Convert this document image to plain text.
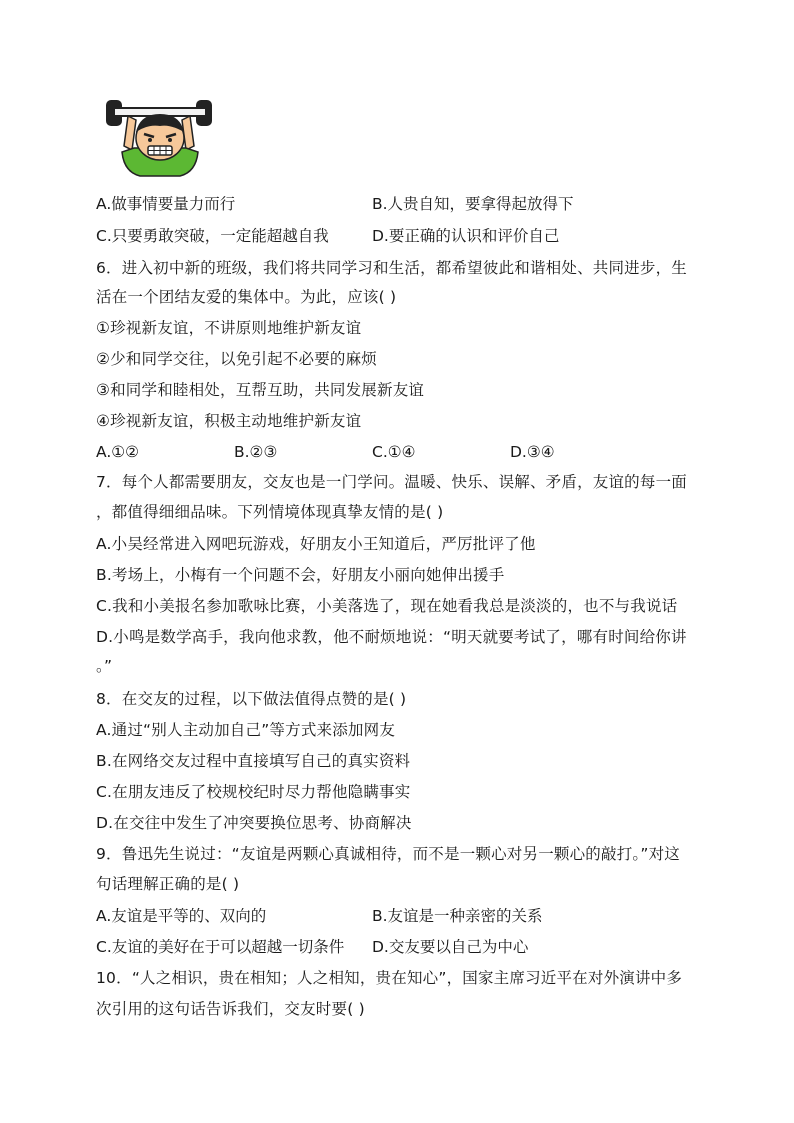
A.做事情要量力而行	B.人贵自知，要拿得起放得下
C.只要勇敢突破，一定能超越自我	D.要正确的认识和评价自己
6．进入初中新的班级，我们将共同学习和生活，都希望彼此和谐相处、共同进步，生
活在一个团结友爱的集体中。为此，应该( )
①珍视新友谊，不讲原则地维护新友谊
②少和同学交往，以免引起不必要的麻烦
③和同学和睦相处，互帮互助，共同发展新友谊
④珍视新友谊，积极主动地维护新友谊
A.①②	B.②③	C.①④	D.③④
7．每个人都需要朋友，交友也是一门学问。温暖、快乐、误解、矛盾，友谊的每一面
，都值得细细品味。下列情境体现真挚友情的是( )
A.小吴经常进入网吧玩游戏，好朋友小王知道后，严厉批评了他
B.考场上，小梅有一个问题不会，好朋友小丽向她伸出援手
C.我和小美报名参加歌咏比赛，小美落选了，现在她看我总是淡淡的，也不与我说话
D.小鸣是数学高手，我向他求教，他不耐烦地说：“明天就要考试了，哪有时间给你讲
。”
8．在交友的过程，以下做法值得点赞的是( )
A.通过“别人主动加自己”等方式来添加网友
B.在网络交友过程中直接填写自己的真实资料
C.在朋友违反了校规校纪时尽力帮他隐瞒事实
D.在交往中发生了冲突要换位思考、协商解决
9．鲁迅先生说过：“友谊是两颗心真诚相待，而不是一颗心对另一颗心的敲打。”对这
句话理解正确的是( )
A.友谊是平等的、双向的	B.友谊是一种亲密的关系
C.友谊的美好在于可以超越一切条件 D.交友要以自己为中心
10．“人之相识，贵在相知；人之相知，贵在知心”，国家主席习近平在对外演讲中多
次引用的这句话告诉我们，交友时要( )
